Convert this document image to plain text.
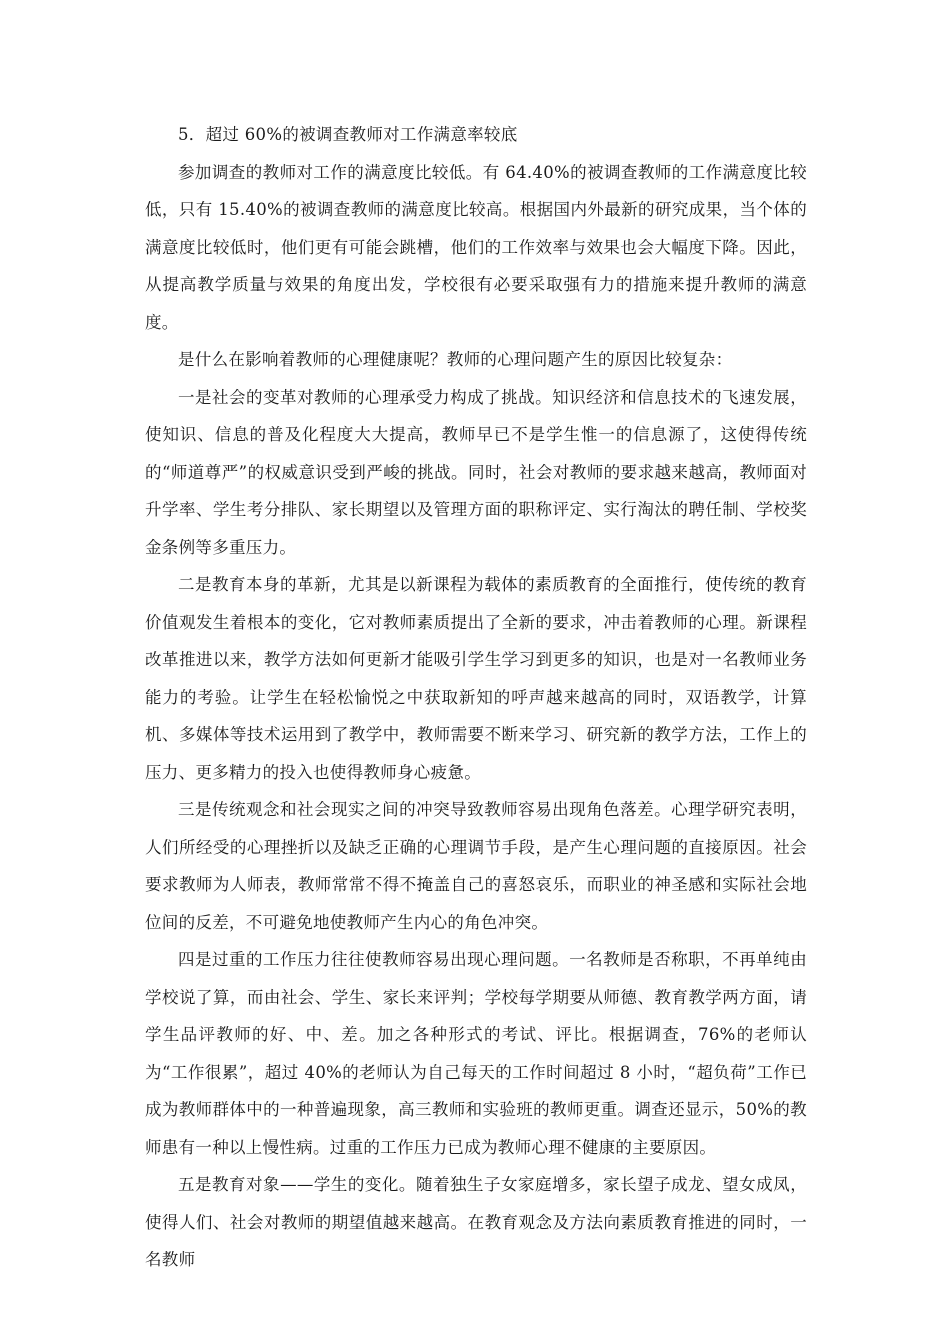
5．超过 60%的被调查教师对工作满意率较底

参加调查的教师对工作的满意度比较低。有 64.40%的被调查教师的工作满意度比较低，只有 15.40%的被调查教师的满意度比较高。根据国内外最新的研究成果，当个体的满意度比较低时，他们更有可能会跳槽，他们的工作效率与效果也会大幅度下降。因此，从提高教学质量与效果的角度出发，学校很有必要采取强有力的措施来提升教师的满意度。

是什么在影响着教师的心理健康呢？教师的心理问题产生的原因比较复杂：

一是社会的变革对教师的心理承受力构成了挑战。知识经济和信息技术的飞速发展，使知识、信息的普及化程度大大提高，教师早已不是学生惟一的信息源了，这使得传统的“师道尊严”的权威意识受到严峻的挑战。同时，社会对教师的要求越来越高，教师面对升学率、学生考分排队、家长期望以及管理方面的职称评定、实行淘汰的聘任制、学校奖金条例等多重压力。

二是教育本身的革新，尤其是以新课程为载体的素质教育的全面推行，使传统的教育价值观发生着根本的变化，它对教师素质提出了全新的要求，冲击着教师的心理。新课程改革推进以来，教学方法如何更新才能吸引学生学习到更多的知识，也是对一名教师业务能力的考验。让学生在轻松愉悦之中获取新知的呼声越来越高的同时，双语教学，计算机、多媒体等技术运用到了教学中，教师需要不断来学习、研究新的教学方法，工作上的压力、更多精力的投入也使得教师身心疲惫。

三是传统观念和社会现实之间的冲突导致教师容易出现角色落差。心理学研究表明，人们所经受的心理挫折以及缺乏正确的心理调节手段，是产生心理问题的直接原因。社会要求教师为人师表，教师常常不得不掩盖自己的喜怒哀乐，而职业的神圣感和实际社会地位间的反差，不可避免地使教师产生内心的角色冲突。

四是过重的工作压力往往使教师容易出现心理问题。一名教师是否称职，不再单纯由学校说了算，而由社会、学生、家长来评判；学校每学期要从师德、教育教学两方面，请学生品评教师的好、中、差。加之各种形式的考试、评比。根据调查，76%的老师认为“工作很累”，超过 40%的老师认为自己每天的工作时间超过 8 小时，“超负荷”工作已成为教师群体中的一种普遍现象，高三教师和实验班的教师更重。调查还显示，50%的教师患有一种以上慢性病。过重的工作压力已成为教师心理不健康的主要原因。

五是教育对象——学生的变化。随着独生子女家庭增多，家长望子成龙、望女成凤，使得人们、社会对教师的期望值越来越高。在教育观念及方法向素质教育推进的同时，一名教师
